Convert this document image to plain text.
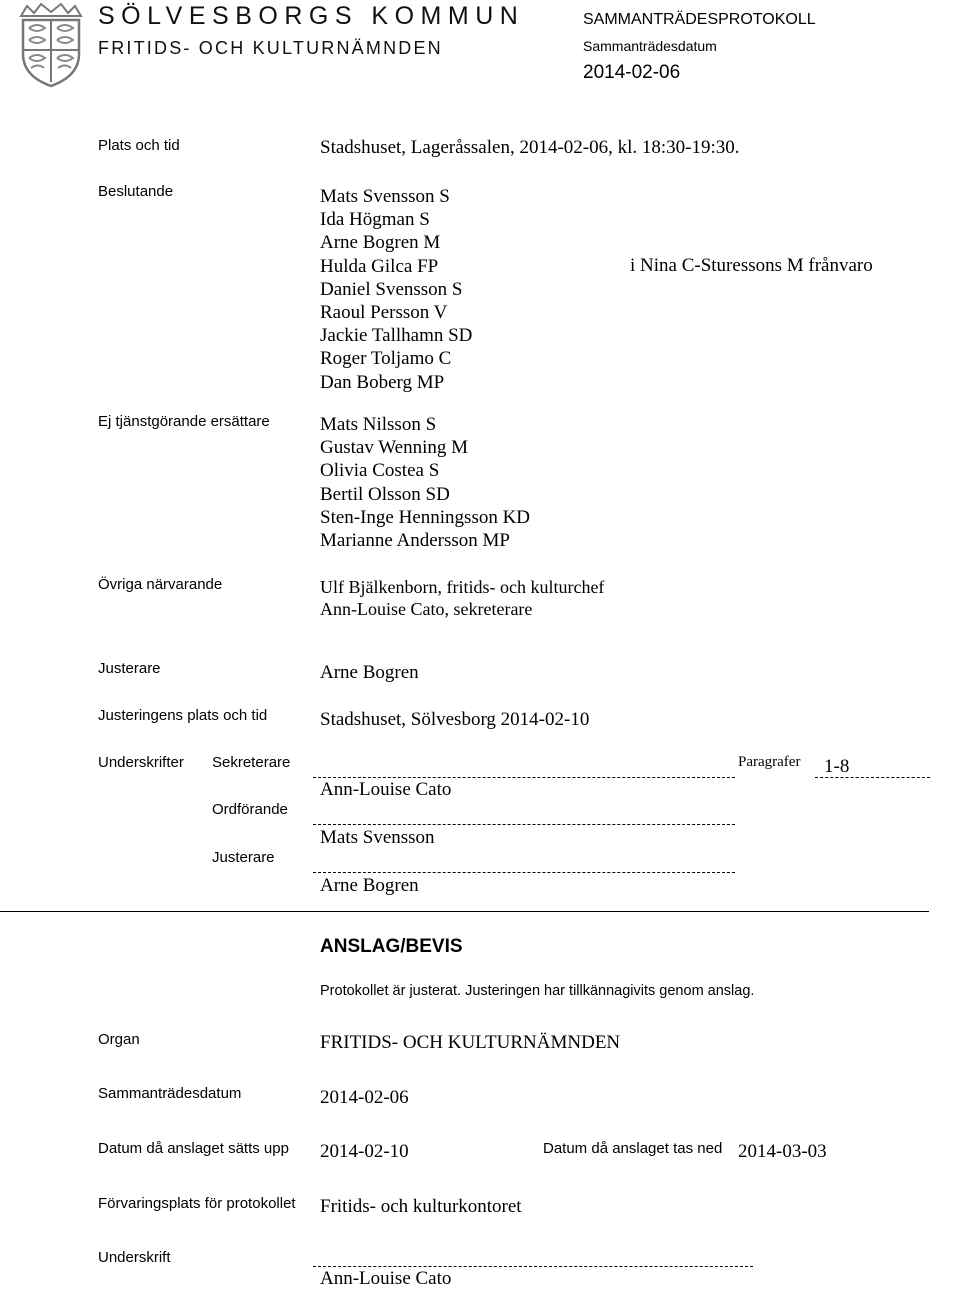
SÖLVESBORGS KOMMUN
FRITIDS- OCH KULTURNÄMNDEN
SAMMANTRÄDESPROTOKOLL
Sammanträdesdatum
2014-02-06
Plats och tid	Stadshuset, Lageråssalen, 2014-02-06, kl. 18:30-19:30.
Beslutande	Mats Svensson S
Ida Högman S
Arne Bogren M
Hulda Gilca FP
Daniel Svensson S
Raoul Persson V
Jackie Tallhamn SD
Roger Toljamo C
Dan Boberg MP
i Nina C-Sturessons M frånvaro
Ej tjänstgörande ersättare	Mats Nilsson S
Gustav Wenning M
Olivia Costea S
Bertil Olsson SD
Sten-Inge Henningsson KD
Marianne Andersson MP
Övriga närvarande	Ulf Bjälkenborn, fritids- och kulturchef
Ann-Louise Cato, sekreterare
Justerare	Arne Bogren
Justeringens plats och tid	Stadshuset, Sölvesborg 2014-02-10
Underskrifter Sekreterare
Ann-Louise Cato
Paragrafer 1-8
Ordförande
Mats Svensson
Justerare
Arne Bogren
ANSLAG/BEVIS
Protokollet är justerat. Justeringen har tillkännagivits genom anslag.
Organ	FRITIDS- OCH KULTURNÄMNDEN
Sammanträdesdatum	2014-02-06
Datum då anslaget sätts upp 2014-02-10	Datum då anslaget tas ned 2014-03-03
Förvaringsplats för protokollet Fritids- och kulturkontoret
Underskrift
Ann-Louise Cato
